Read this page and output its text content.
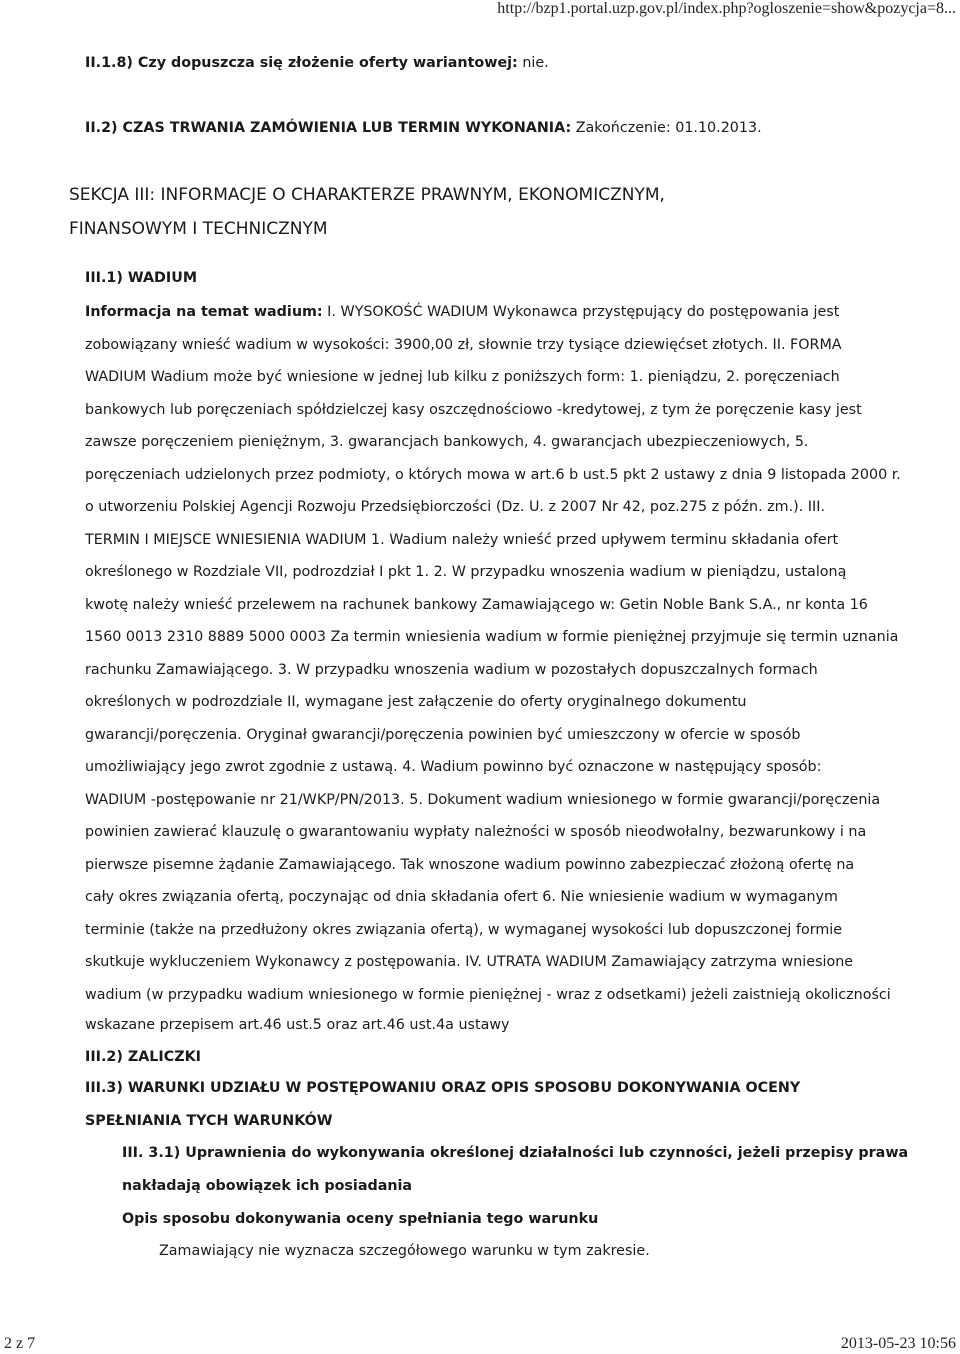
http://bzp1.portal.uzp.gov.pl/index.php?ogloszenie=show&pozycja=8...
II.1.8) Czy dopuszcza się złożenie oferty wariantowej: nie.
II.2) CZAS TRWANIA ZAMÓWIENIA LUB TERMIN WYKONANIA: Zakończenie: 01.10.2013.
SEKCJA III: INFORMACJE O CHARAKTERZE PRAWNYM, EKONOMICZNYM,
FINANSOWYM I TECHNICZNYM
III.1) WADIUM
Informacja na temat wadium: I. WYSOKOŚĆ WADIUM Wykonawca przystępujący do postępowania jest
zobowiązany wnieść wadium w wysokości: 3900,00 zł, słownie trzy tysiące dziewięćset złotych. II. FORMA
WADIUM Wadium może być wniesione w jednej lub kilku z poniższych form: 1. pieniądzu, 2. poręczeniach
bankowych lub poręczeniach spółdzielczej kasy oszczędnościowo -kredytowej, z tym że poręczenie kasy jest
zawsze poręczeniem pieniężnym, 3. gwarancjach bankowych, 4. gwarancjach ubezpieczeniowych, 5.
poręczeniach udzielonych przez podmioty, o których mowa w art.6 b ust.5 pkt 2 ustawy z dnia 9 listopada 2000 r.
o utworzeniu Polskiej Agencji Rozwoju Przedsiębiorczości (Dz. U. z 2007 Nr 42, poz.275 z późn. zm.). III.
TERMIN I MIEJSCE WNIESIENIA WADIUM 1. Wadium należy wnieść przed upływem terminu składania ofert
określonego w Rozdziale VII, podrozdział I pkt 1. 2. W przypadku wnoszenia wadium w pieniądzu, ustaloną
kwotę należy wnieść przelewem na rachunek bankowy Zamawiającego w: Getin Noble Bank S.A., nr konta 16
1560 0013 2310 8889 5000 0003 Za termin wniesienia wadium w formie pieniężnej przyjmuje się termin uznania
rachunku Zamawiającego. 3. W przypadku wnoszenia wadium w pozostałych dopuszczalnych formach
określonych w podrozdziale II, wymagane jest załączenie do oferty oryginalnego dokumentu
gwarancji/poręczenia. Oryginał gwarancji/poręczenia powinien być umieszczony w ofercie w sposób
umożliwiający jego zwrot zgodnie z ustawą. 4. Wadium powinno być oznaczone w następujący sposób:
WADIUM -postępowanie nr 21/WKP/PN/2013. 5. Dokument wadium wniesionego w formie gwarancji/poręczenia
powinien zawierać klauzulę o gwarantowaniu wypłaty należności w sposób nieodwołalny, bezwarunkowy i na
pierwsze pisemne żądanie Zamawiającego. Tak wnoszone wadium powinno zabezpieczać złożoną ofertę na
cały okres związania ofertą, poczynając od dnia składania ofert 6. Nie wniesienie wadium w wymaganym
terminie (także na przedłużony okres związania ofertą), w wymaganej wysokości lub dopuszczonej formie
skutkuje wykluczeniem Wykonawcy z postępowania. IV. UTRATA WADIUM Zamawiający zatrzyma wniesione
wadium (w przypadku wadium wniesionego w formie pieniężnej - wraz z odsetkami) jeżeli zaistnieją okoliczności
wskazane przepisem art.46 ust.5 oraz art.46 ust.4a ustawy
III.2) ZALICZKI
III.3) WARUNKI UDZIAŁU W POSTĘPOWANIU ORAZ OPIS SPOSOBU DOKONYWANIA OCENY
SPEŁNIANIA TYCH WARUNKÓW
III. 3.1) Uprawnienia do wykonywania określonej działalności lub czynności, jeżeli przepisy prawa
nakładają obowiązek ich posiadania
Opis sposobu dokonywania oceny spełniania tego warunku
Zamawiający nie wyznacza szczegółowego warunku w tym zakresie.
2 z 7	2013-05-23 10:56
